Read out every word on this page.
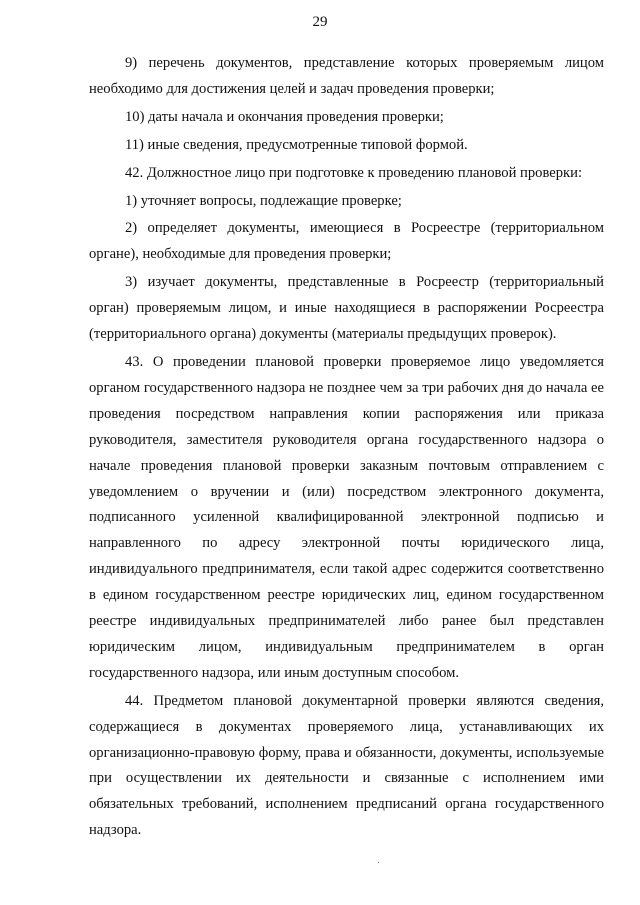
29

9) перечень документов, представление которых проверяемым лицом необходимо для достижения целей и задач проведения проверки;

10) даты начала и окончания проведения проверки;

11) иные сведения, предусмотренные типовой формой.

42. Должностное лицо при подготовке к проведению плановой проверки:

1) уточняет вопросы, подлежащие проверке;

2) определяет документы, имеющиеся в Росреестре (территориальном органе), необходимые для проведения проверки;

3) изучает документы, представленные в Росреестр (территориальный орган) проверяемым лицом, и иные находящиеся в распоряжении Росреестра (территориального органа) документы (материалы предыдущих проверок).

43. О проведении плановой проверки проверяемое лицо уведомляется органом государственного надзора не позднее чем за три рабочих дня до начала ее проведения посредством направления копии распоряжения или приказа руководителя, заместителя руководителя органа государственного надзора о начале проведения плановой проверки заказным почтовым отправлением с уведомлением о вручении и (или) посредством электронного документа, подписанного усиленной квалифицированной электронной подписью и направленного по адресу электронной почты юридического лица, индивидуального предпринимателя, если такой адрес содержится соответственно в едином государственном реестре юридических лиц, едином государственном реестре индивидуальных предпринимателей либо ранее был представлен юридическим лицом, индивидуальным предпринимателем в орган государственного надзора, или иным доступным способом.

44. Предметом плановой документарной проверки являются сведения, содержащиеся в документах проверяемого лица, устанавливающих их организационно-правовую форму, права и обязанности, документы, используемые при осуществлении их деятельности и связанные с исполнением ими обязательных требований, исполнением предписаний органа государственного надзора.
